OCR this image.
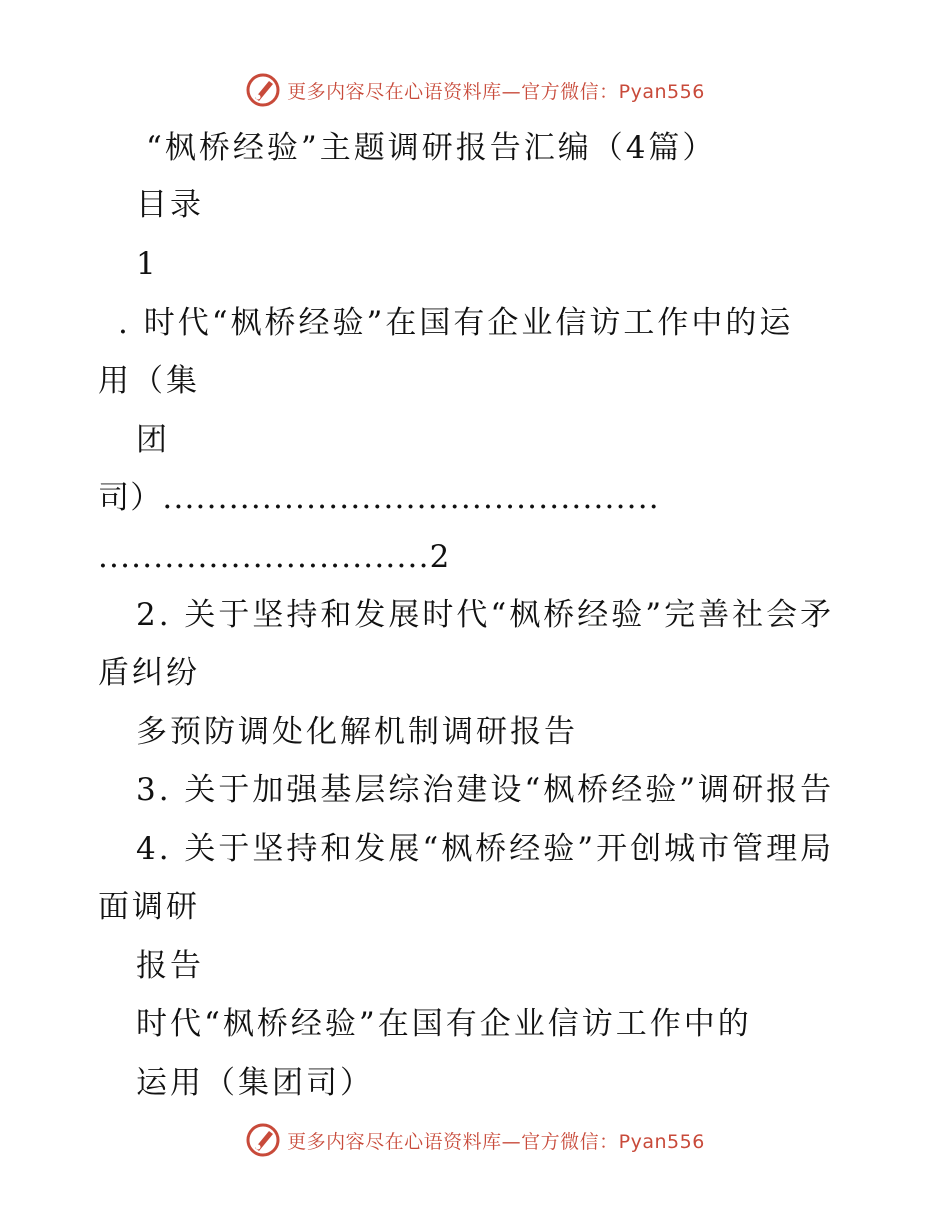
更多内容尽在心语资料库—官方微信：Pyan556
“枫桥经验”主题调研报告汇编（4篇）
目录
1
. 时代“枫桥经验”在国有企业信访工作中的运
用（集
团
司）.............................................
..............................2
2. 关于坚持和发展时代“枫桥经验”完善社会矛
盾纠纷
多预防调处化解机制调研报告
3. 关于加强基层综治建设“枫桥经验”调研报告
4. 关于坚持和发展“枫桥经验”开创城市管理局
面调研
报告
时代“枫桥经验”在国有企业信访工作中的
运用（集团司）
更多内容尽在心语资料库—官方微信：Pyan556
